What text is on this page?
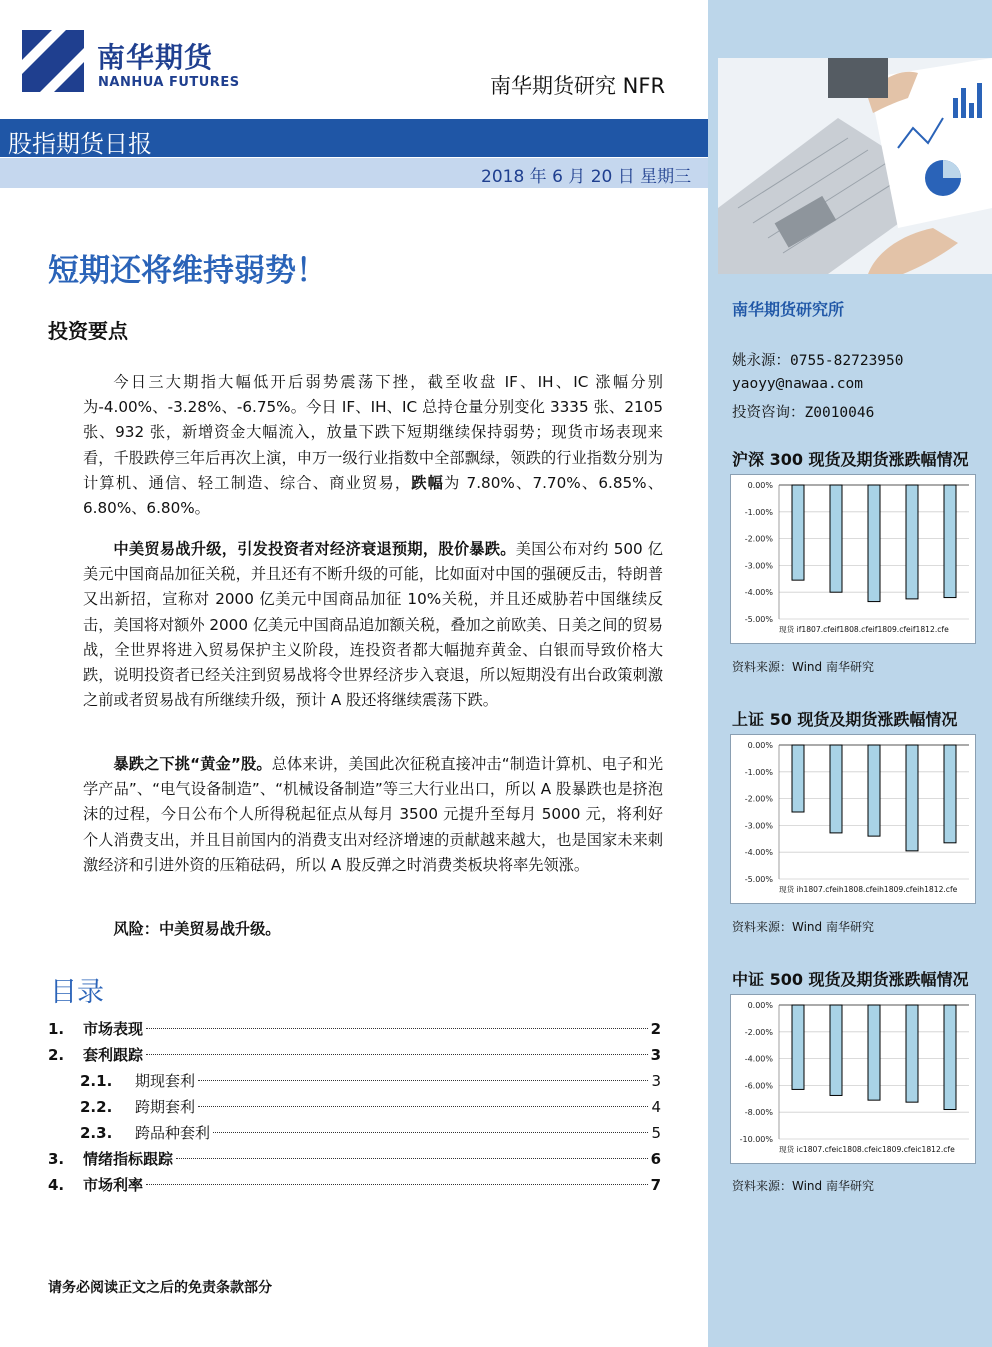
南华期货
NANHUA FUTURES	南华期货研究 NFR
股指期货日报
2018 年 6 月 20 日 星期三
短期还将维持弱势！
投资要点
今日三大期指大幅低开后弱势震荡下挫，截至收盘 IF、IH、IC 涨幅分别为-4.00%、-3.28%、-6.75%。今日 IF、IH、IC 总持仓量分别变化 3335 张、2105 张、932 张，新增资金大幅流入，放量下跌下短期继续保持弱势；现货市场表现来看，千股跌停三年后再次上演，申万一级行业指数中全部飘绿，领跌的行业指数分别为计算机、通信、轻工制造、综合、商业贸易，跌幅为 7.80%、7.70%、6.85%、6.80%、6.80%。
中美贸易战升级，引发投资者对经济衰退预期，股价暴跌。美国公布对约 500 亿美元中国商品加征关税，并且还有不断升级的可能，比如面对中国的强硬反击，特朗普又出新招，宣称对 2000 亿美元中国商品加征 10%关税，并且还威胁若中国继续反击，美国将对额外 2000 亿美元中国商品追加额关税，叠加之前欧美、日美之间的贸易战，全世界将进入贸易保护主义阶段，连投资者都大幅抛弃黄金、白银而导致价格大跌，说明投资者已经关注到贸易战将令世界经济步入衰退，所以短期没有出台政策刺激之前或者贸易战有所继续升级，预计 A 股还将继续震荡下跌。
暴跌之下挑“黄金”股。总体来讲，美国此次征税直接冲击“制造计算机、电子和光学产品”、“电气设备制造”、“机械设备制造”等三大行业出口，所以 A 股暴跌也是挤泡沫的过程，今日公布个人所得税起征点从每月 3500 元提升至每月 5000 元，将利好个人消费支出，并且目前国内的消费支出对经济增速的贡献越来越大，也是国家未来刺激经济和引进外资的压箱砝码，所以 A 股反弹之时消费类板块将率先领涨。
风险：中美贸易战升级。
目录
1.	市场表现	2
2.	套利跟踪	3
2.1.	期现套利	3
2.2.	跨期套利	4
2.3.	跨品种套利	5
3.	情绪指标跟踪	6
4.	市场利率	7
请务必阅读正文之后的免责条款部分
南华期货研究所
姚永源：0755-82723950
yaoyy@nawaa.com
投资咨询：Z0010046
沪深 300 现货及期货涨跌幅情况
0.00%
-1.00%
-2.00%
-3.00%
-4.00%
-5.00%
现货 if1807.cfeif1808.cfeif1809.cfeif1812.cfe
资料来源：Wind 南华研究
上证 50 现货及期货涨跌幅情况
0.00%
-1.00%
-2.00%
-3.00%
-4.00%
-5.00%
现货 ih1807.cfeih1808.cfeih1809.cfeih1812.cfe
资料来源：Wind 南华研究
中证 500 现货及期货涨跌幅情况
0.00%
-2.00%
-4.00%
-6.00%
-8.00%
-10.00%
现货 ic1807.cfeic1808.cfeic1809.cfeic1812.cfe
资料来源：Wind 南华研究
